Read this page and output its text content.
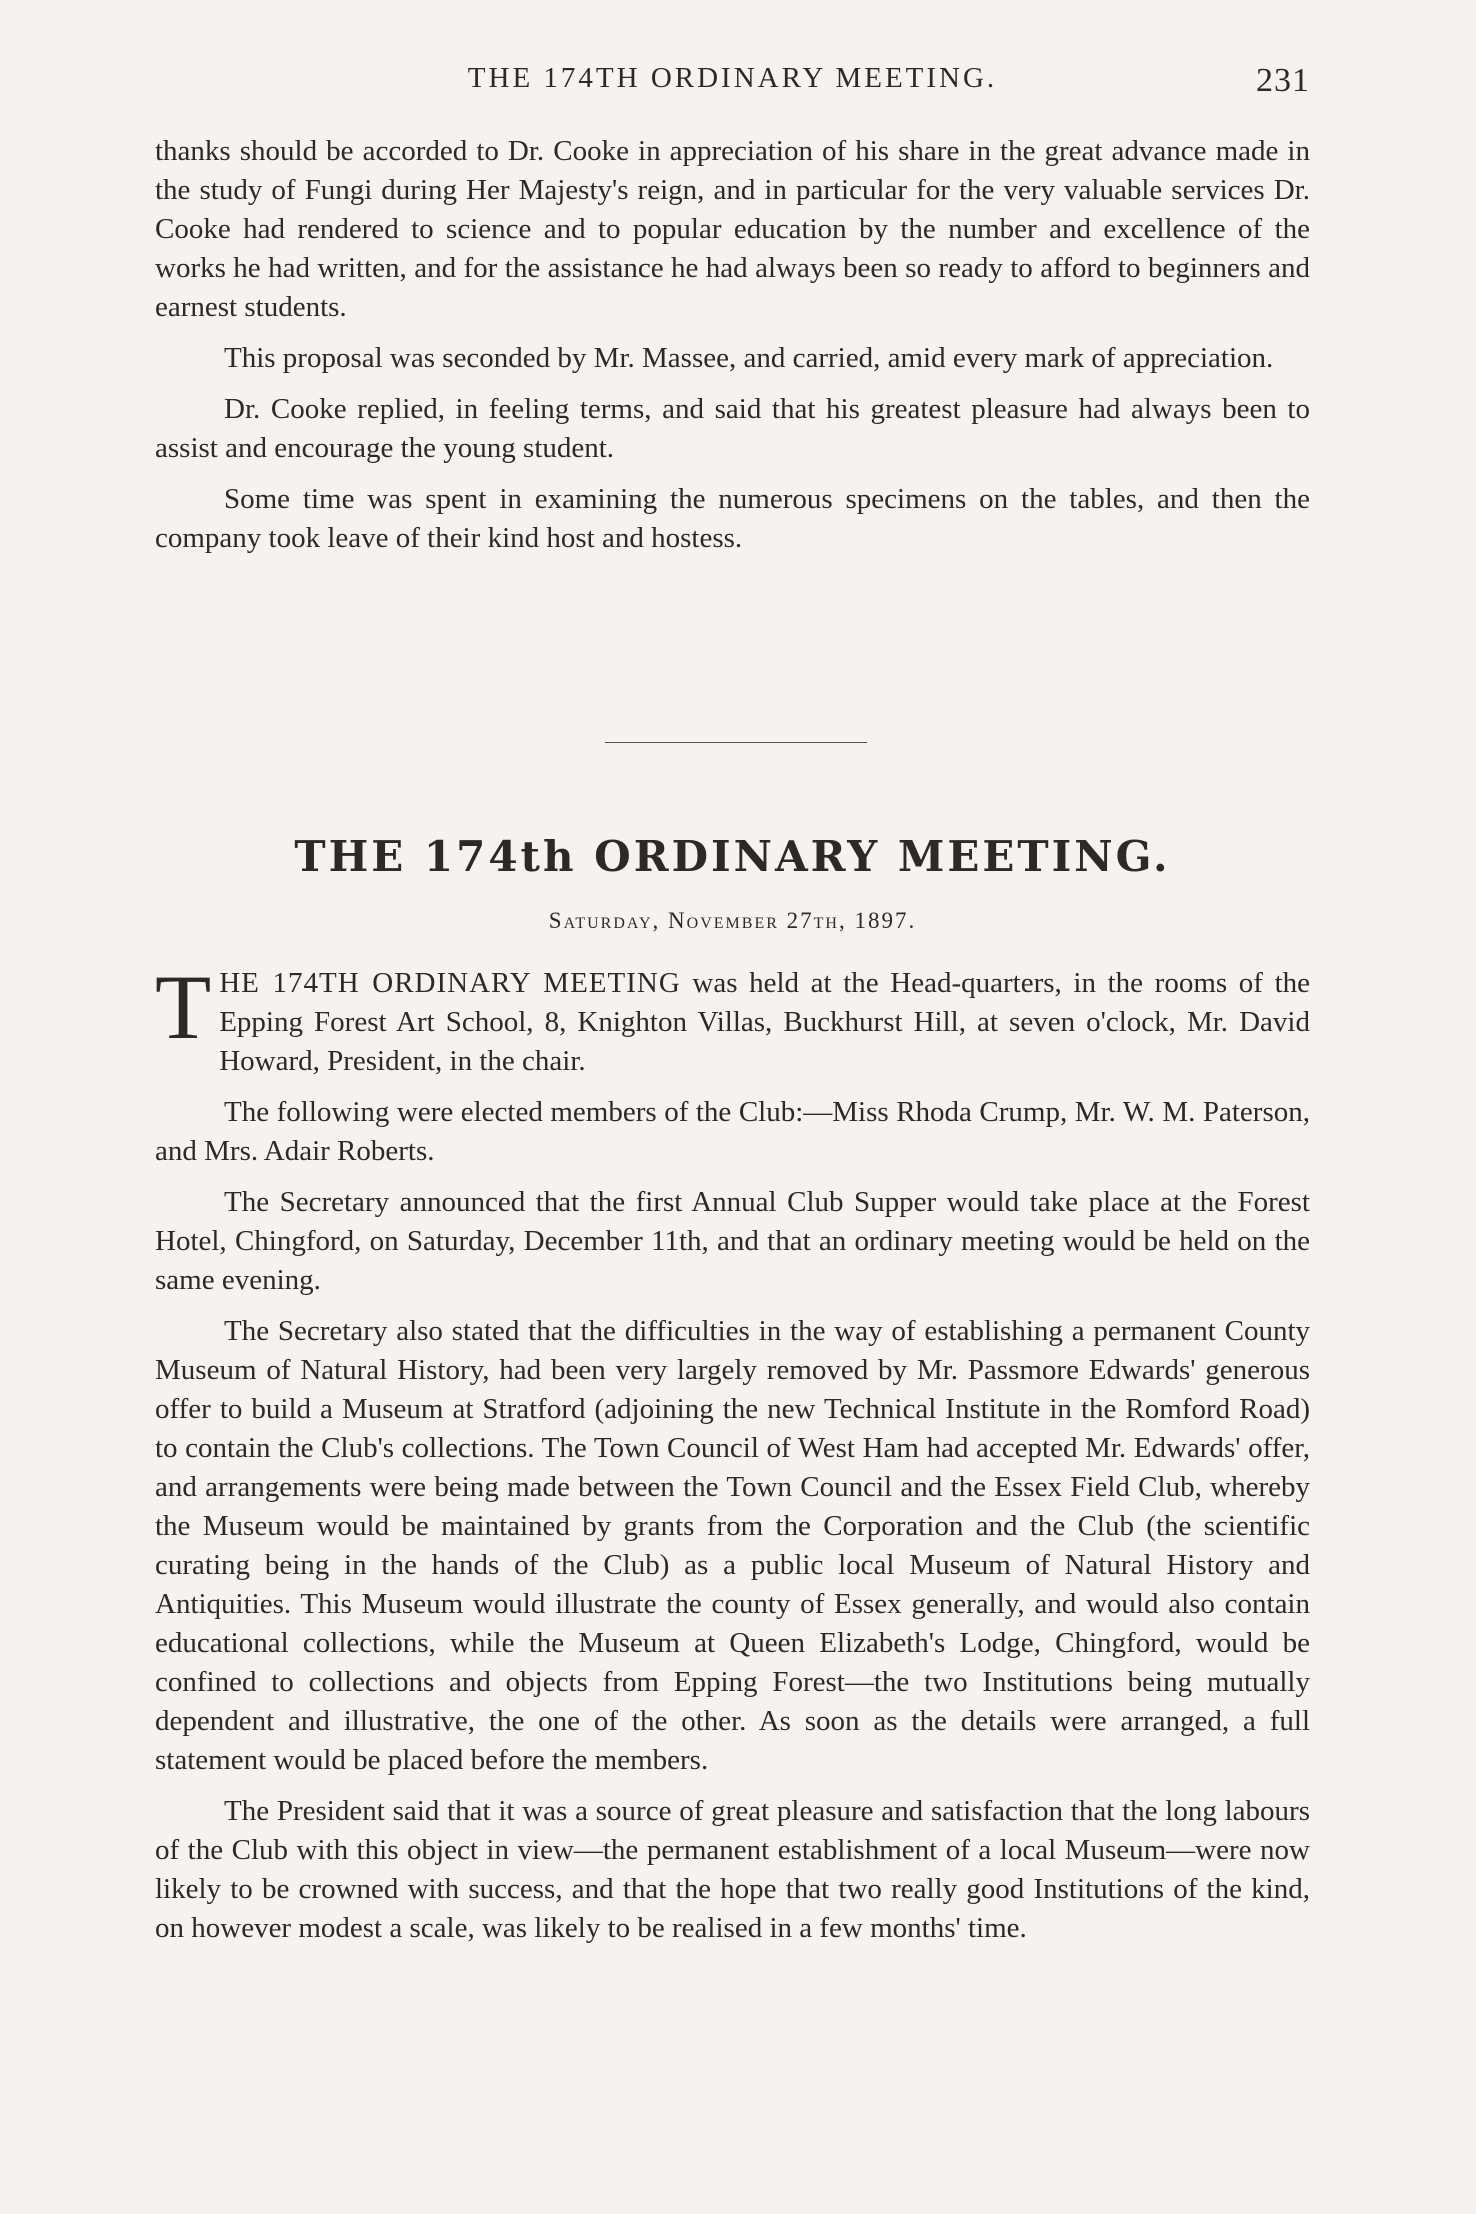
THE 174TH ORDINARY MEETING.	231

thanks should be accorded to Dr. Cooke in appreciation of his share in the great advance made in the study of Fungi during Her Majesty's reign, and in particular for the very valuable services Dr. Cooke had rendered to science and to popular education by the number and excellence of the works he had written, and for the assistance he had always been so ready to afford to beginners and earnest students.

This proposal was seconded by Mr. Massee, and carried, amid every mark of appreciation.

Dr. Cooke replied, in feeling terms, and said that his greatest pleasure had always been to assist and encourage the young student.

Some time was spent in examining the numerous specimens on the tables, and then the company took leave of their kind host and hostess.

THE 174th ORDINARY MEETING.
Saturday, November 27th, 1897.

THE 174TH ORDINARY MEETING was held at the Head-quarters, in the rooms of the Epping Forest Art School, 8, Knighton Villas, Buckhurst Hill, at seven o'clock, Mr. David Howard, President, in the chair.

The following were elected members of the Club:—Miss Rhoda Crump, Mr. W. M. Paterson, and Mrs. Adair Roberts.

The Secretary announced that the first Annual Club Supper would take place at the Forest Hotel, Chingford, on Saturday, December 11th, and that an ordinary meeting would be held on the same evening.

The Secretary also stated that the difficulties in the way of establishing a permanent County Museum of Natural History, had been very largely removed by Mr. Passmore Edwards' generous offer to build a Museum at Stratford (adjoining the new Technical Institute in the Romford Road) to contain the Club's collections. The Town Council of West Ham had accepted Mr. Edwards' offer, and arrangements were being made between the Town Council and the Essex Field Club, whereby the Museum would be maintained by grants from the Corporation and the Club (the scientific curating being in the hands of the Club) as a public local Museum of Natural History and Antiquities. This Museum would illustrate the county of Essex generally, and would also contain educational collections, while the Museum at Queen Elizabeth's Lodge, Chingford, would be confined to collections and objects from Epping Forest—the two Institutions being mutually dependent and illustrative, the one of the other. As soon as the details were arranged, a full statement would be placed before the members.

The President said that it was a source of great pleasure and satisfaction that the long labours of the Club with this object in view—the permanent establishment of a local Museum—were now likely to be crowned with success, and that the hope that two really good Institutions of the kind, on however modest a scale, was likely to be realised in a few months' time.
